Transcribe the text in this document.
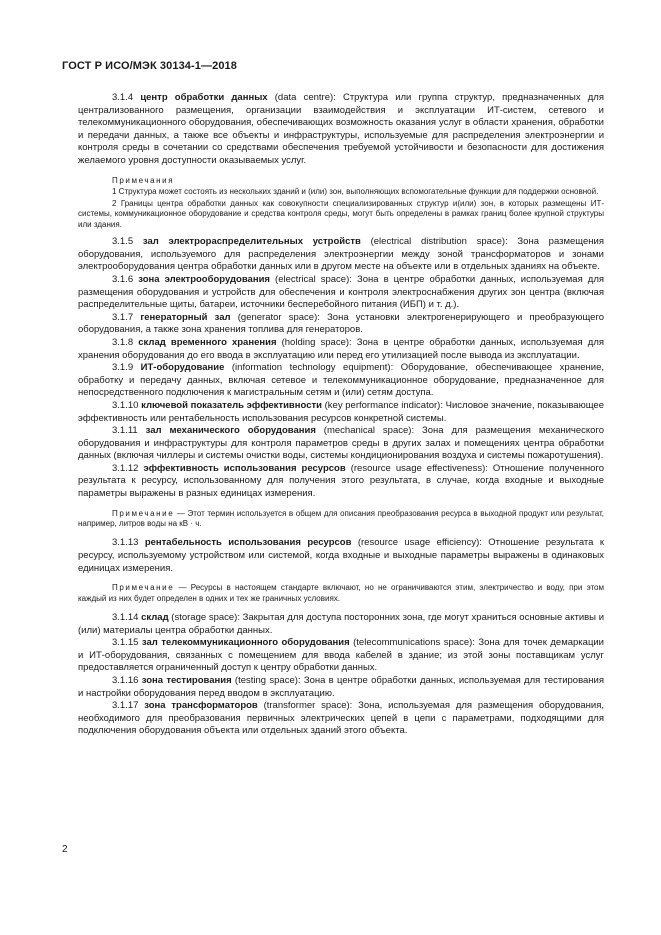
ГОСТ Р ИСО/МЭК 30134-1—2018

3.1.4 центр обработки данных (data centre): Структура или группа структур, предназначенных для централизованного размещения, организации взаимодействия и эксплуатации ИТ-систем, сетевого и телекоммуникационного оборудования, обеспечивающих возможность оказания услуг в области хранения, обработки и передачи данных, а также все объекты и инфраструктуры, используемые для распределения электроэнергии и контроля среды в сочетании со средствами обеспечения требуемой устойчивости и безопасности для достижения желаемого уровня доступности оказываемых услуг.

Примечания

1 Структура может состоять из нескольких зданий и (или) зон, выполняющих вспомогательные функции для поддержки основной.

2 Границы центра обработки данных как совокупности специализированных структур и(или) зон, в которых размещены ИТ-системы, коммуникационное оборудование и средства контроля среды, могут быть определены в рамках границ более крупной структуры или здания.

3.1.5 зал электрораспределительных устройств (electrical distribution space): Зона размещения оборудования, используемого для распределения электроэнергии между зоной трансформаторов и зонами электрооборудования центра обработки данных или в другом месте на объекте или в отдельных зданиях на объекте.

3.1.6 зона электрооборудования (electrical space): Зона в центре обработки данных, используемая для размещения оборудования и устройств для обеспечения и контроля электроснабжения других зон центра (включая распределительные щиты, батареи, источники бесперебойного питания (ИБП) и т. д.).

3.1.7 генераторный зал (generator space): Зона установки электрогенерирующего и преобразующего оборудования, а также зона хранения топлива для генераторов.

3.1.8 склад временного хранения (holding space): Зона в центре обработки данных, используемая для хранения оборудования до его ввода в эксплуатацию или перед его утилизацией после вывода из эксплуатации.

3.1.9 ИТ-оборудование (information technology equipment): Оборудование, обеспечивающее хранение, обработку и передачу данных, включая сетевое и телекоммуникационное оборудование, предназначенное для непосредственного подключения к магистральным сетям и (или) сетям доступа.

3.1.10 ключевой показатель эффективности (key performance indicator): Числовое значение, показывающее эффективность или рентабельность использования ресурсов конкретной системы.

3.1.11 зал механического оборудования (mechanical space): Зона для размещения механического оборудования и инфраструктуры для контроля параметров среды в других залах и помещениях центра обработки данных (включая чиллеры и системы очистки воды, системы кондиционирования воздуха и системы пожаротушения).

3.1.12 эффективность использования ресурсов (resource usage effectiveness): Отношение полученного результата к ресурсу, использованному для получения этого результата, в случае, когда входные и выходные параметры выражены в разных единицах измерения.

Примечание — Этот термин используется в общем для описания преобразования ресурса в выходной продукт или результат, например, литров воды на кВ · ч.

3.1.13 рентабельность использования ресурсов (resource usage efficiency): Отношение результата к ресурсу, используемому устройством или системой, когда входные и выходные параметры выражены в одинаковых единицах измерения.

Примечание — Ресурсы в настоящем стандарте включают, но не ограничиваются этим, электричество и воду, при этом каждый из них будет определен в одних и тех же граничных условиях.

3.1.14 склад (storage space): Закрытая для доступа посторонних зона, где могут храниться основные активы и (или) материалы центра обработки данных.

3.1.15 зал телекоммуникационного оборудования (telecommunications space): Зона для точек демаркации и ИТ-оборудования, связанных с помещением для ввода кабелей в здание; из этой зоны поставщикам услуг предоставляется ограниченный доступ к центру обработки данных.

3.1.16 зона тестирования (testing space): Зона в центре обработки данных, используемая для тестирования и настройки оборудования перед вводом в эксплуатацию.

3.1.17 зона трансформаторов (transformer space): Зона, используемая для размещения оборудования, необходимого для преобразования первичных электрических цепей в цепи с параметрами, подходящими для подключения оборудования объекта или отдельных зданий этого объекта.

2
